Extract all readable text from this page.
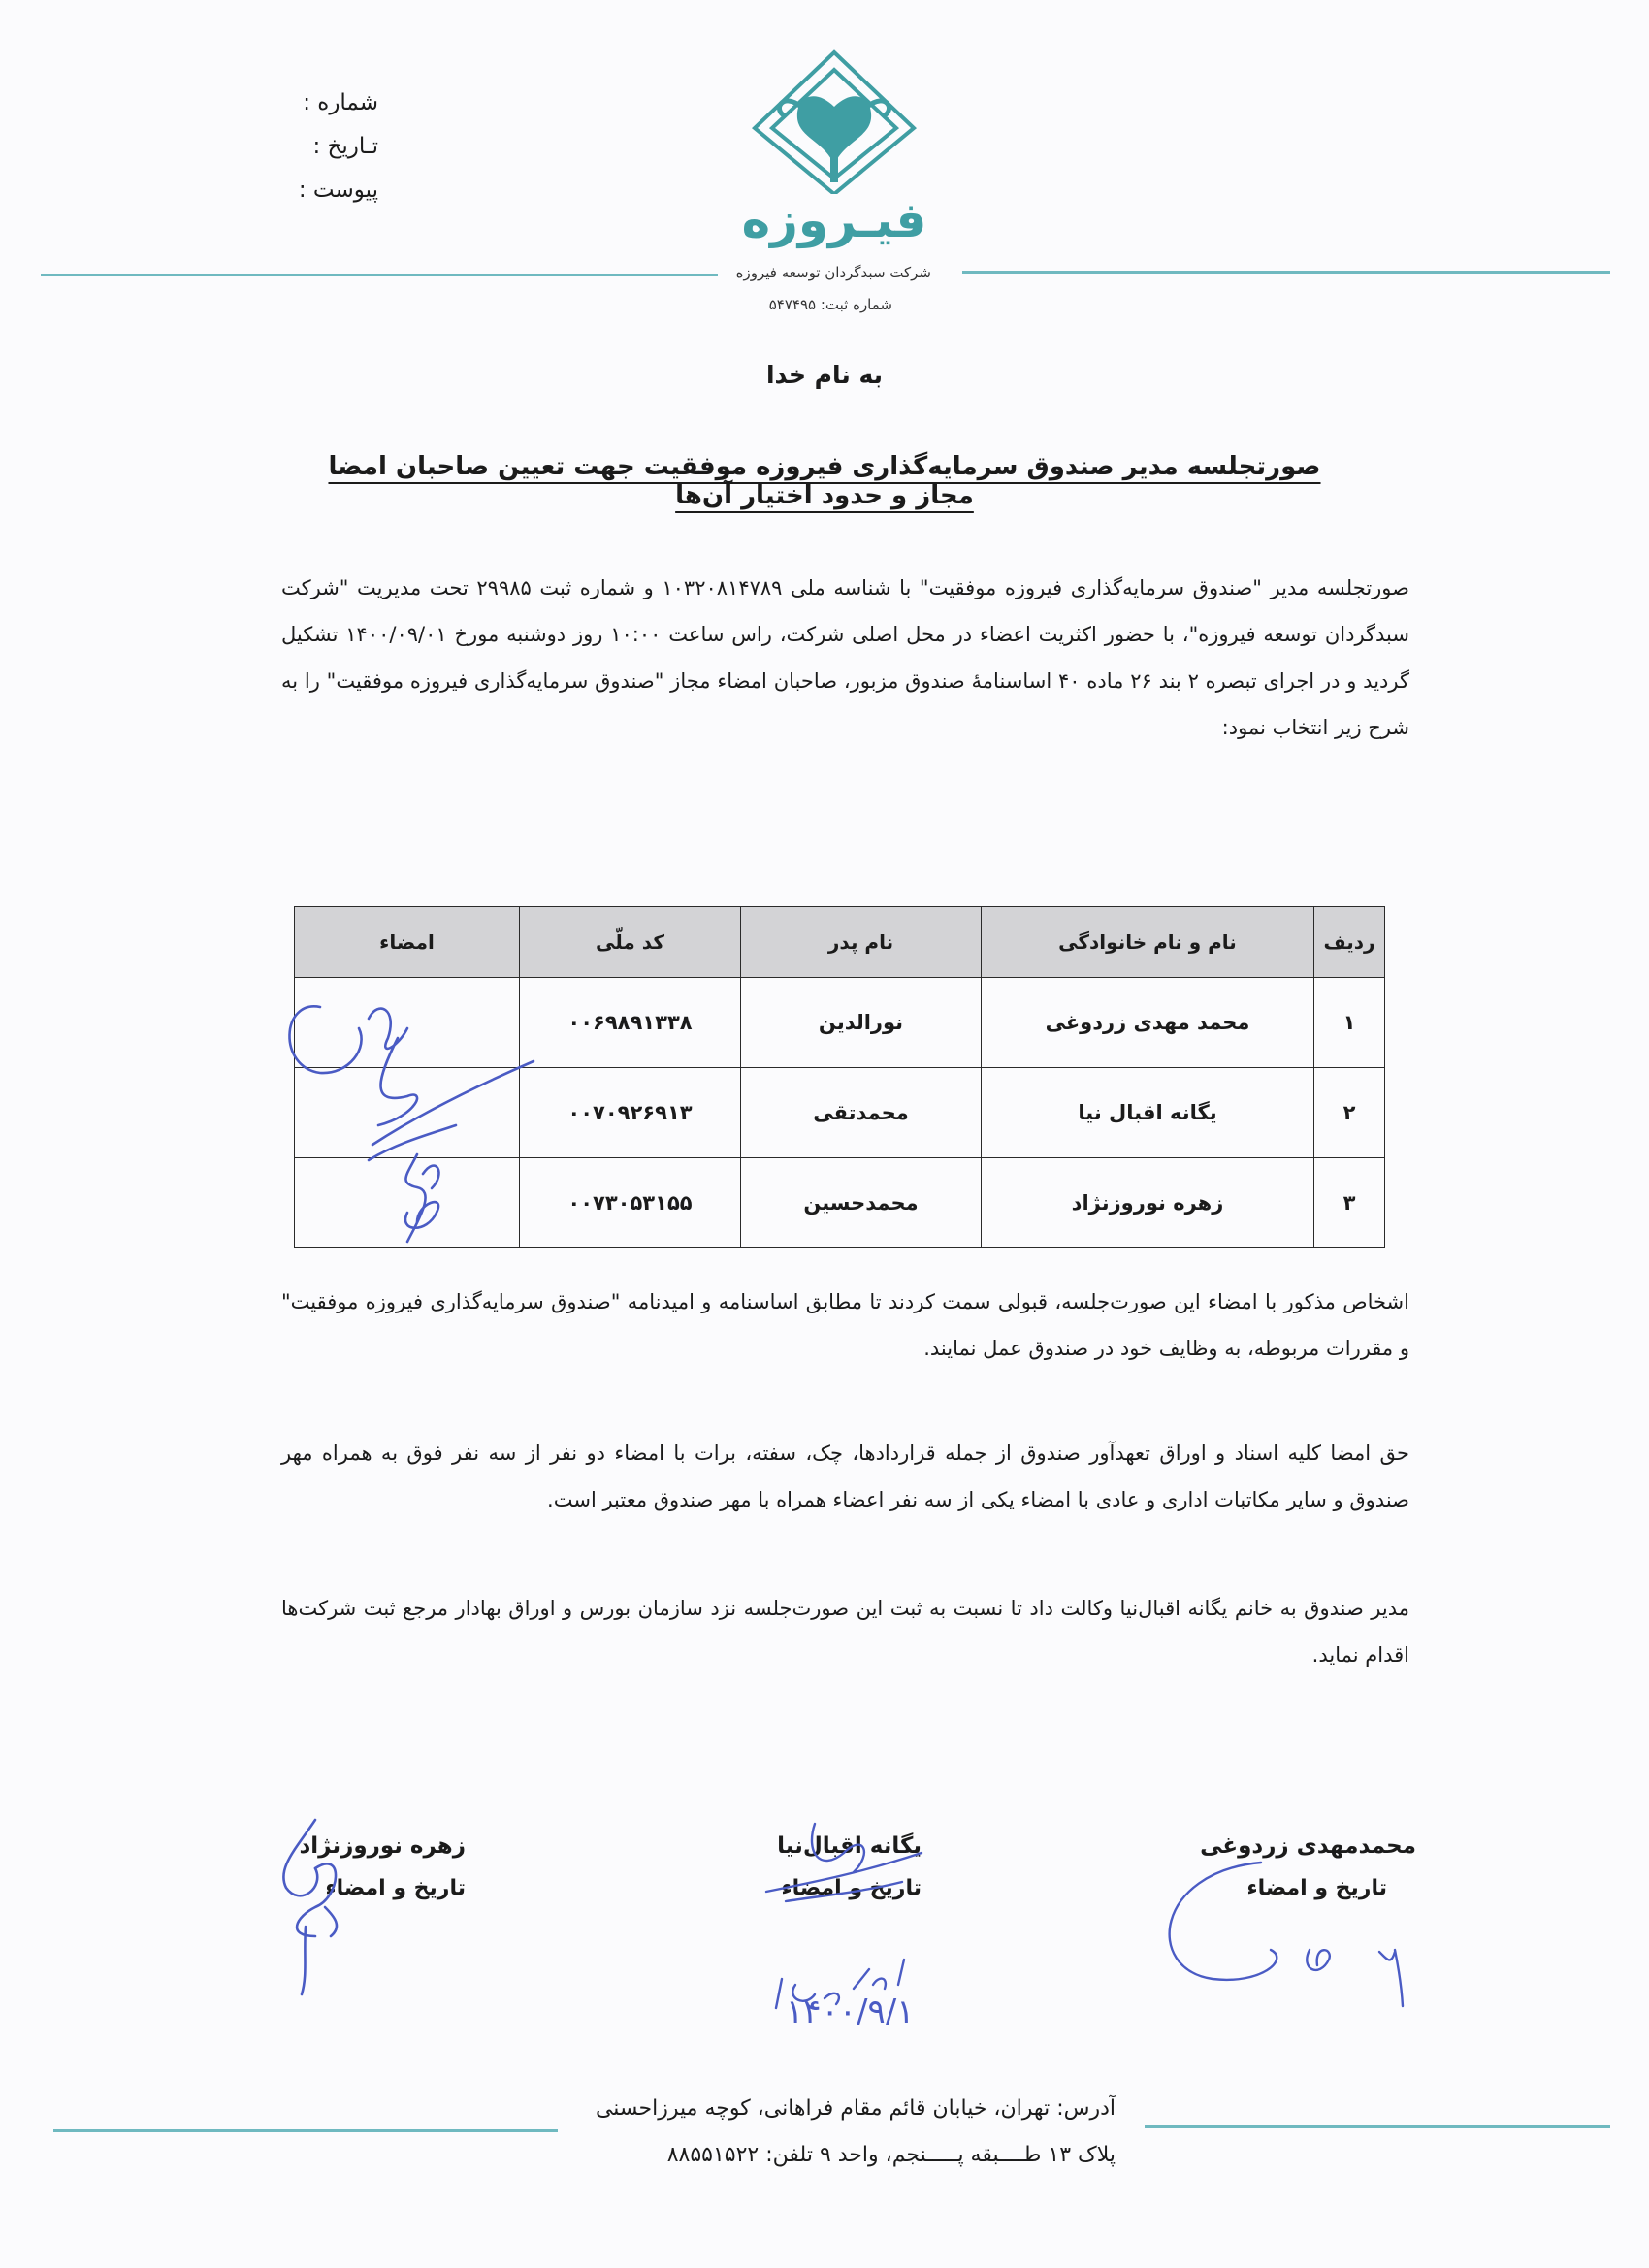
شماره :
تـاریخ :
پیوست :
فیـروزه
شرکت سبدگردان توسعه فیروزه
شماره ثبت: ۵۴۷۴۹۵
به نام خدا
صورتجلسه مدیر صندوق سرمایه‌گذاری فیروزه موفقیت جهت تعیین صاحبان امضا مجاز و حدود اختیار آن‌ها

صورتجلسه مدیر "صندوق سرمایه‌گذاری فیروزه موفقیت" با شناسه ملی ۱۰۳۲۰۸۱۴۷۸۹ و شماره ثبت ۲۹۹۸۵ تحت مدیریت "شرکت سبدگردان توسعه فیروزه"، با حضور اکثریت اعضاء در محل اصلی شرکت، راس ساعت ۱۰:۰۰ روز دوشنبه مورخ ۱۴۰۰/۰۹/۰۱ تشکیل گردید و در اجرای تبصره ۲ بند ۲۶ ماده ۴۰ اساسنامهٔ صندوق مزبور، صاحبان امضاء مجاز "صندوق سرمایه‌گذاری فیروزه موفقیت" را به شرح زیر انتخاب نمود:

ردیف	نام و نام خانوادگی	نام پدر	کد ملّی	امضاء
۱	محمد مهدی زردوغی	نورالدین	۰۰۶۹۸۹۱۳۳۸	
۲	یگانه اقبال نیا	محمدتقی	۰۰۷۰۹۲۶۹۱۳	
۳	زهره نوروزنژاد	محمدحسین	۰۰۷۳۰۵۳۱۵۵	

اشخاص مذکور با امضاء این صورت‌جلسه، قبولی سمت کردند تا مطابق اساسنامه و امیدنامه "صندوق سرمایه‌گذاری فیروزه موفقیت" و مقررات مربوطه، به وظایف خود در صندوق عمل نمایند.

حق امضا کلیه اسناد و اوراق تعهدآور صندوق از جمله قراردادها، چک، سفته، برات با امضاء دو نفر از سه نفر فوق به همراه مهر صندوق و سایر مکاتبات اداری و عادی با امضاء یکی از سه نفر اعضاء همراه با مهر صندوق معتبر است.

مدیر صندوق به خانم یگانه اقبال‌نیا وکالت داد تا نسبت به ثبت این صورت‌جلسه نزد سازمان بورس و اوراق بهادار مرجع ثبت شرکت‌ها اقدام نماید.

محمدمهدی زردوغی
تاریخ و امضاء
یگانه اقبال‌نیا
تاریخ و امضاء
زهره نوروزنژاد
تاریخ و امضاء
۱۴۰۰/۹/۱
آدرس: تهران، خیابان قائم مقام فراهانی، کوچه میرزاحسنی
پلاک ۱۳ طــــبقه پـــــنجم، واحد ۹ تلفن: ۸۸۵۵۱۵۲۲
